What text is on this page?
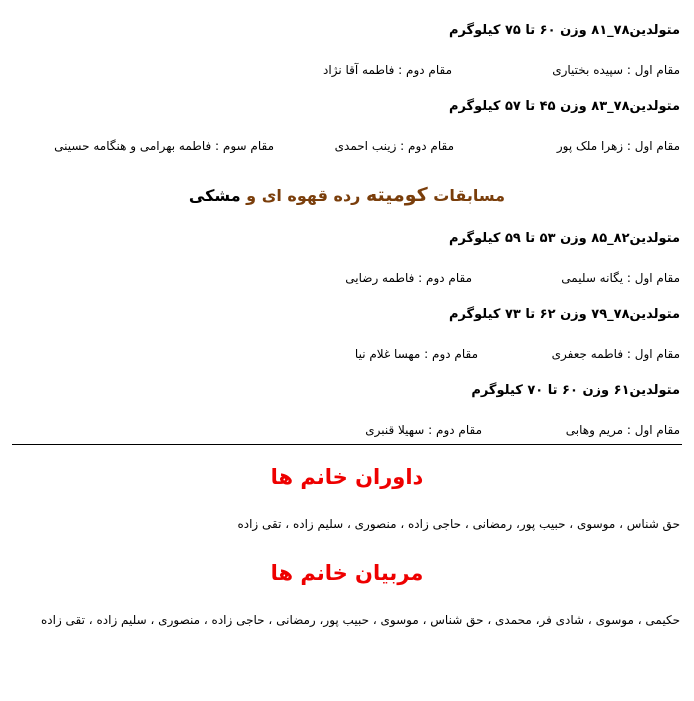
متولدین۷۸_۸۱ وزن ۶۰ تا ۷۵ کیلوگرم
مقام اول : سپیده بختیاری
مقام دوم : فاطمه آقا نژاد
متولدین۷۸_۸۳ وزن ۴۵ تا ۵۷ کیلوگرم
مقام اول : زهرا ملک پور
مقام دوم : زینب احمدی
مقام سوم : فاطمه بهرامی و هنگامه حسینی
مسابقات کومیته رده قهوه ای و مشکی
متولدین۸۲_۸۵ وزن ۵۳ تا ۵۹ کیلوگرم
مقام اول : یگانه سلیمی
مقام دوم : فاطمه رضایی
متولدین۷۸_۷۹ وزن ۶۲ تا ۷۳ کیلوگرم
مقام اول : فاطمه جعفری
مقام دوم : مهسا غلام نیا
متولدین۶۱ وزن ۶۰ تا ۷۰ کیلوگرم
مقام اول : مریم وهابی
مقام دوم : سهیلا قنبری
داوران خانم ها
حق شناس ، موسوی ، حبیب پور، رمضانی ، حاجی زاده ، منصوری ، سلیم زاده ، تقی زاده
مربیان خانم ها
حکیمی ، موسوی ، شادی فر، محمدی ، حق شناس ، موسوی ، حبیب پور، رمضانی ، حاجی زاده ، منصوری ، سلیم زاده ، تقی زاده
